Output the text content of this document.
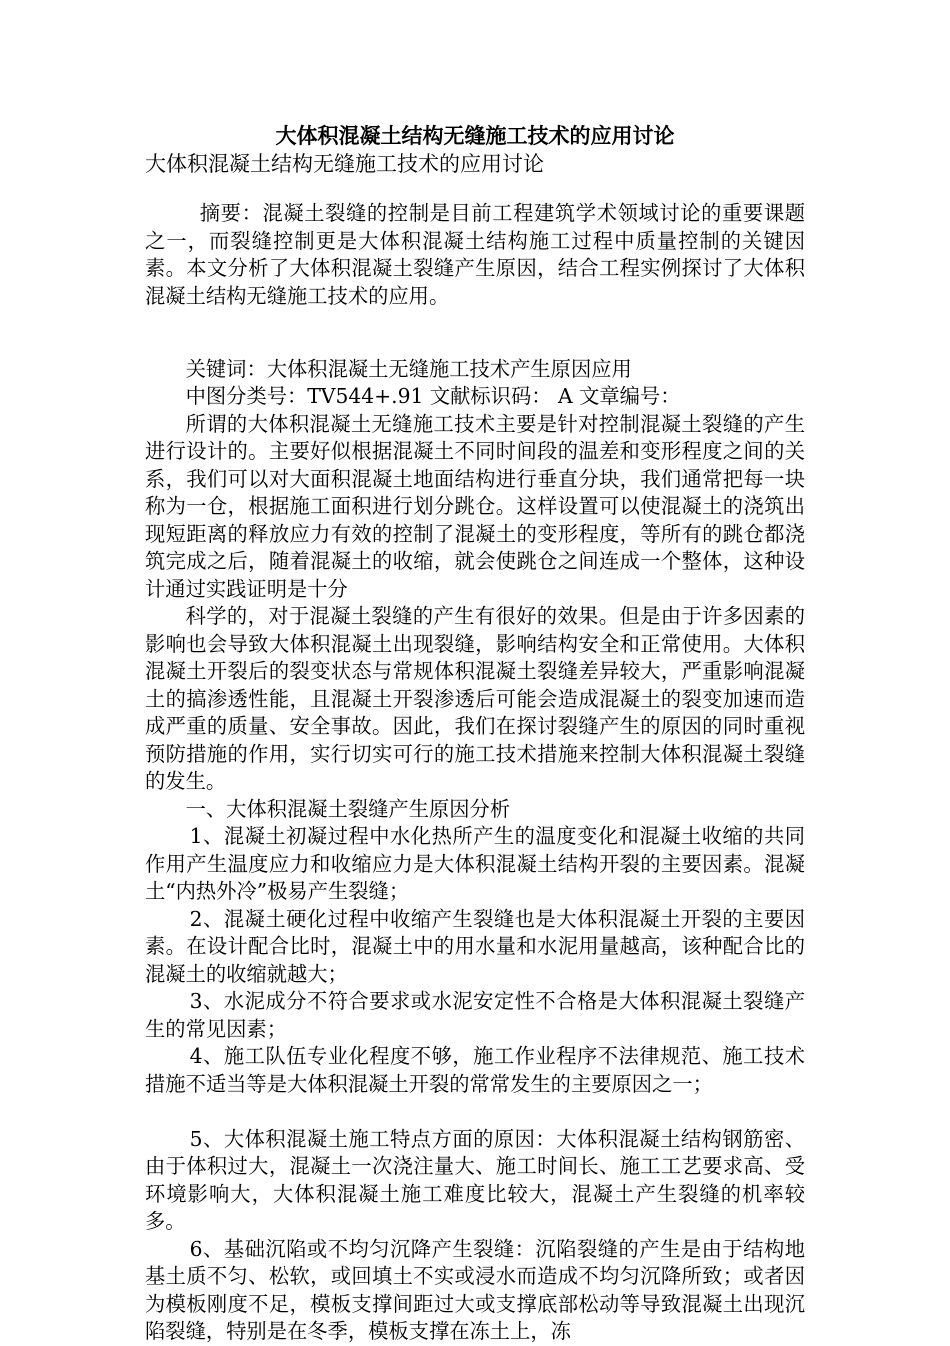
大体积混凝土结构无缝施工技术的应用讨论
大体积混凝土结构无缝施工技术的应用讨论

摘要：混凝土裂缝的控制是目前工程建筑学术领域讨论的重要课题之一，而裂缝控制更是大体积混凝土结构施工过程中质量控制的关键因素。本文分析了大体积混凝土裂缝产生原因，结合工程实例探讨了大体积混凝土结构无缝施工技术的应用。

关键词：大体积混凝土无缝施工技术产生原因应用

中图分类号：TV544+.91 文献标识码： A 文章编号：

所谓的大体积混凝土无缝施工技术主要是针对控制混凝土裂缝的产生进行设计的。主要好似根据混凝土不同时间段的温差和变形程度之间的关系，我们可以对大面积混凝土地面结构进行垂直分块，我们通常把每一块称为一仓，根据施工面积进行划分跳仓。这样设置可以使混凝土的浇筑出现短距离的释放应力有效的控制了混凝土的变形程度，等所有的跳仓都浇筑完成之后，随着混凝土的收缩，就会使跳仓之间连成一个整体，这种设计通过实践证明是十分

科学的，对于混凝土裂缝的产生有很好的效果。但是由于许多因素的影响也会导致大体积混凝土出现裂缝，影响结构安全和正常使用。大体积混凝土开裂后的裂变状态与常规体积混凝土裂缝差异较大，严重影响混凝土的搞渗透性能，且混凝土开裂渗透后可能会造成混凝土的裂变加速而造成严重的质量、安全事故。因此，我们在探讨裂缝产生的原因的同时重视预防措施的作用，实行切实可行的施工技术措施来控制大体积混凝土裂缝的发生。

一、大体积混凝土裂缝产生原因分析

1、混凝土初凝过程中水化热所产生的温度变化和混凝土收缩的共同作用产生温度应力和收缩应力是大体积混凝土结构开裂的主要因素。混凝土“内热外冷”极易产生裂缝；

2、混凝土硬化过程中收缩产生裂缝也是大体积混凝土开裂的主要因素。在设计配合比时，混凝土中的用水量和水泥用量越高，该种配合比的混凝土的收缩就越大；

3、水泥成分不符合要求或水泥安定性不合格是大体积混凝土裂缝产生的常见因素；

4、施工队伍专业化程度不够，施工作业程序不法律规范、施工技术措施不适当等是大体积混凝土开裂的常常发生的主要原因之一；

5、大体积混凝土施工特点方面的原因：大体积混凝土结构钢筋密、由于体积过大，混凝土一次浇注量大、施工时间长、施工工艺要求高、受环境影响大，大体积混凝土施工难度比较大，混凝土产生裂缝的机率较多。

6、基础沉陷或不均匀沉降产生裂缝：沉陷裂缝的产生是由于结构地基土质不匀、松软，或回填土不实或浸水而造成不均匀沉降所致；或者因为模板刚度不足，模板支撑间距过大或支撑底部松动等导致混凝土出现沉陷裂缝，特别是在冬季，模板支撑在冻土上，冻
